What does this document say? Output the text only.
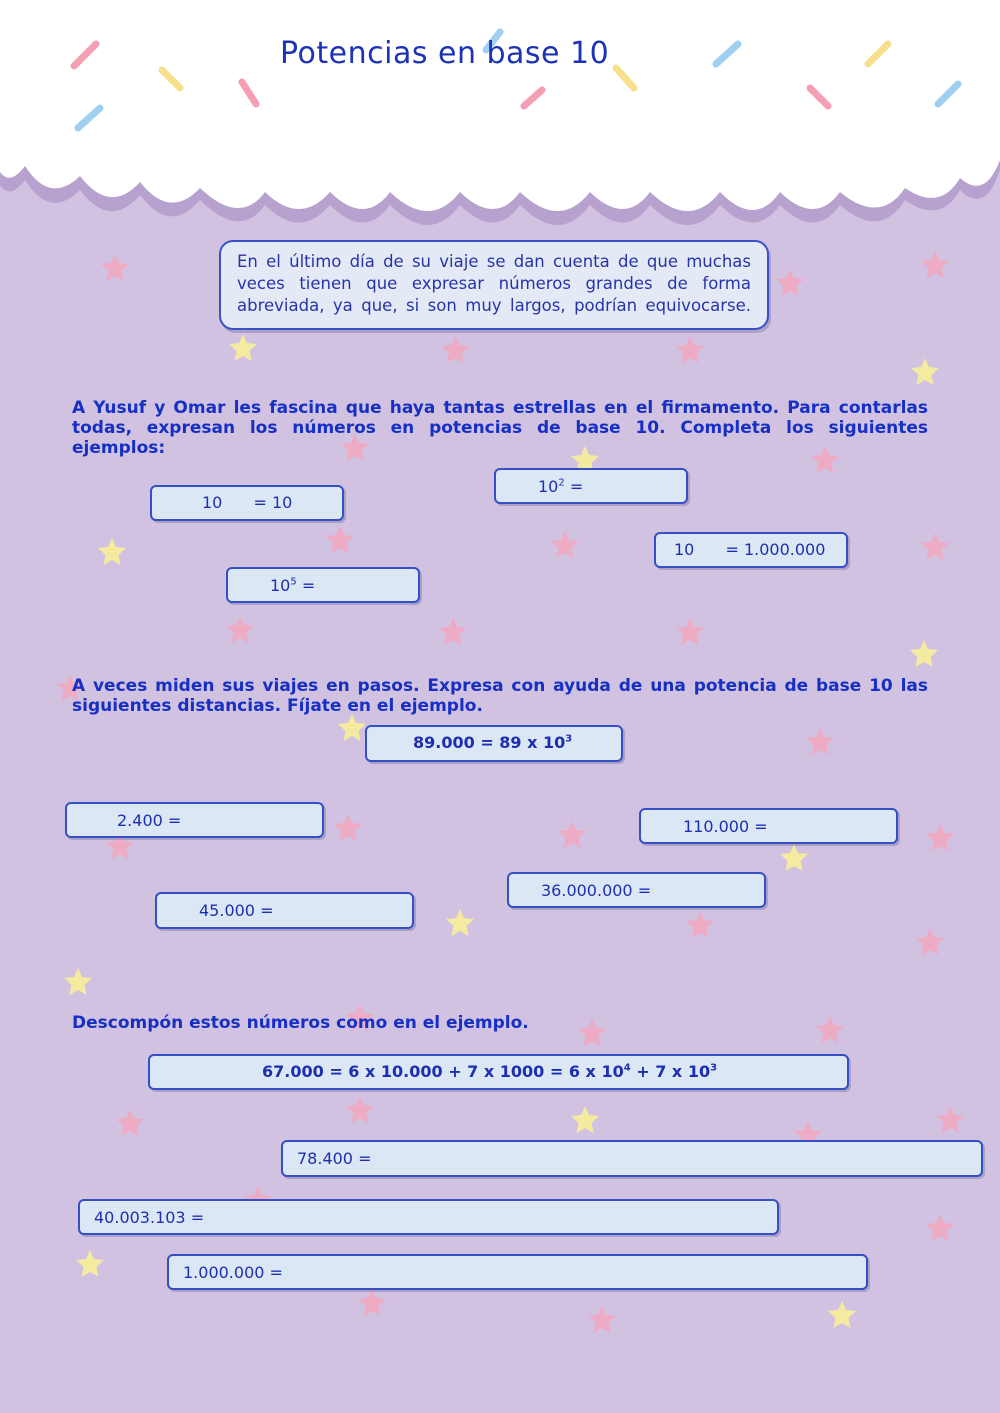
Potencias en base 10
En el último día de su viaje se dan cuenta de que muchas veces tienen que expresar números grandes de forma abreviada, ya que, si son muy largos, podrían equivocarse.
A Yusuf y Omar les fascina que haya tantas estrellas en el firmamento. Para contarlas todas, expresan los números en potencias de base 10. Completa los siguientes ejemplos:
10 = 10
$10^2$ =
10 = 1.000.000
$10^5$ =
A veces miden sus viajes en pasos. Expresa con ayuda de una potencia de base 10 las siguientes distancias. Fíjate en el ejemplo.
89.000 = 89 x $10^3$
2.400 =	110.000 =
36.000.000 =
45.000 =
Descompón estos números como en el ejemplo.
67.000 = 6 x 10.000 + 7 x 1000 = 6 x $10^4 + 7$ x $10^3$
78.400 =
40.003.103 =
1.000.000 =
